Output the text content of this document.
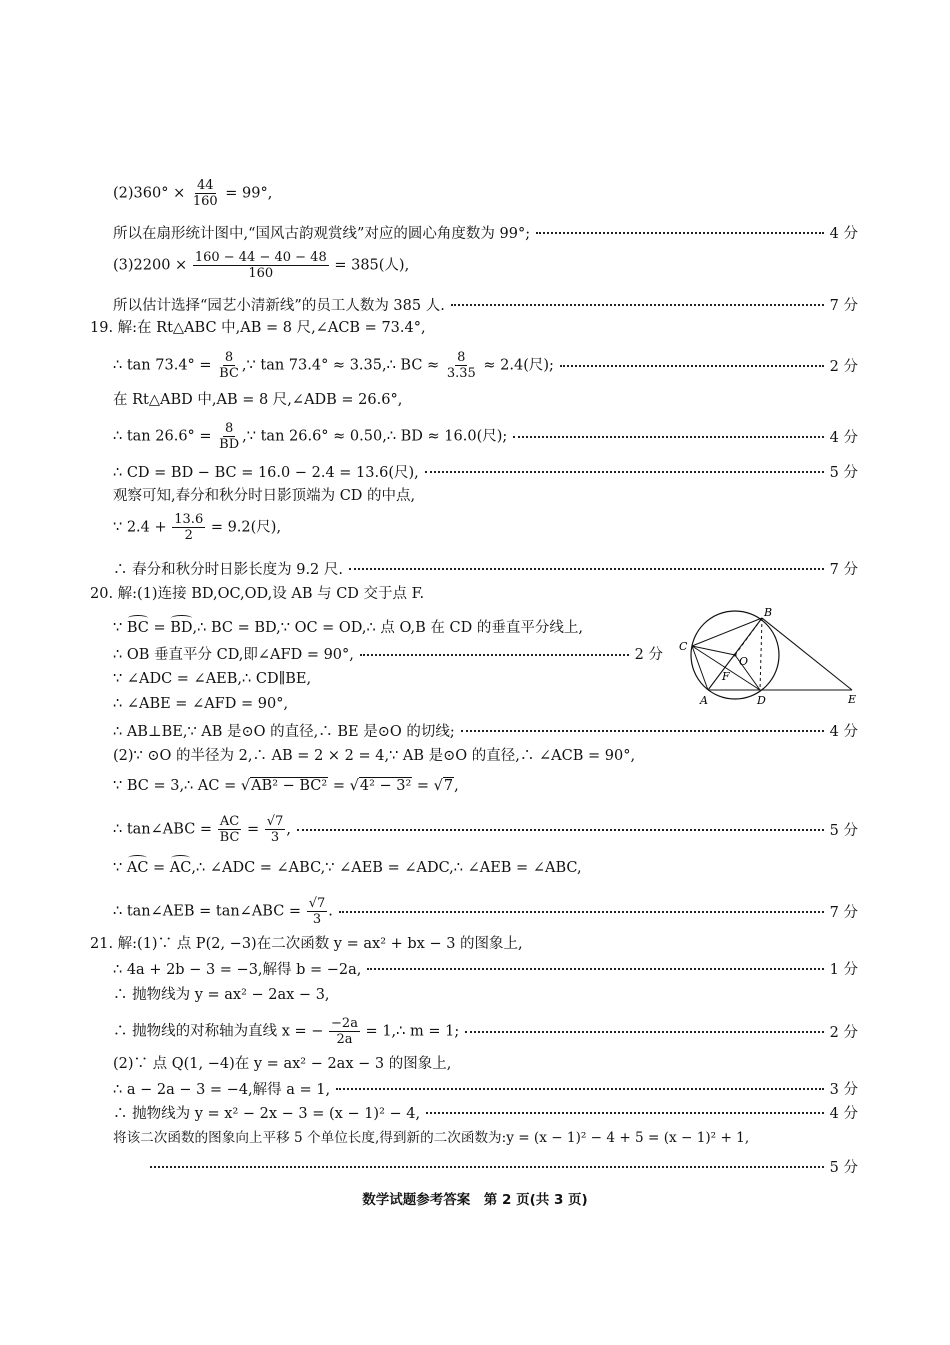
$(2)360^\circ \times \frac{44}{160} = 99^\circ$,
所以在扇形统计图中,“国风古韵观赏线”对应的圆心角度数为 99°;	4 分
$(3)2200 \times \frac{160 - 44 - 40 - 48}{160} = 385$(人),
所以估计选择“园艺小清新线”的员工人数为 385 人.	7 分
19. 解:在 Rt△ABC 中,AB = 8 尺,∠ACB = 73.4°,
∴ $\tan 73.4^\circ = \frac{8}{BC}$ ,∵ tan 73.4° ≈ 3.35,∴ BC ≈ $\frac{8}{3.35} \approx 2.4$(尺);	2 分
在 Rt△ABD 中,AB = 8 尺,∠ADB = 26.6°,
∴ $\tan 26.6^\circ = \frac{8}{BD}$ ,∵ tan 26.6° ≈ 0.50,∴ BD ≈ 16.0(尺);	4 分
∴ CD = BD − BC = 16.0 − 2.4 = 13.6(尺),	5 分
观察可知,春分和秋分时日影顶端为 CD 的中点,
∵ $2.4 + \frac{13.6}{2} = 9.2$(尺),
∴ 春分和秋分时日影长度为 9.2 尺.	7 分
20. 解:(1)连接 BD,OC,OD,设 AB 与 CD 交于点 F.
∵ BC = BD,∴ BC = BD,∵ OC = OD,∴ 点 O,B 在 CD 的垂直平分线上,
∴ OB 垂直平分 CD,即∠AFD = 90°,	2 分
∵ ∠ADC = ∠AEB,∴ CD∥BE,
∴ ∠ABE = ∠AFD = 90°,
∴ AB⊥BE,∵ AB 是⊙O 的直径,∴ BE 是⊙O 的切线;	4 分
(2)∵ ⊙O 的半径为 2,∴ AB = 2 × 2 = 4,∵ AB 是⊙O 的直径,∴ ∠ACB = 90°,
∵ BC = 3,∴ AC = √AB² − BC² = √4² − 3² = √7,
∴ tan∠ABC = $\frac{AC}{BC} = \frac{√7}{3}$ ,	5 分
∵ AC = AC,∴ ∠ADC = ∠ABC,∵ ∠AEB = ∠ADC,∴ ∠AEB = ∠ABC,
∴ tan∠AEB = tan∠ABC = $\frac{√7}{3}$ .	7 分
21. 解:(1)∵ 点 P(2, −3)在二次函数 y = ax² + bx − 3 的图象上,
∴ 4a + 2b − 3 = −3,解得 b = −2a,	1 分
∴ 抛物线为 y = ax² − 2ax − 3,
∴ 抛物线的对称轴为直线 x = − $\frac{-2a}{2a}$ = 1,∴ m = 1;	2 分
(2)∵ 点 Q(1, −4)在 y = ax² − 2ax − 3 的图象上,
∴ a − 2a − 3 = −4,解得 a = 1,	3 分
∴ 抛物线为 y = x² − 2x − 3 = (x − 1)² − 4,	4 分
将该二次函数的图象向上平移 5 个单位长度,得到新的二次函数为:y = (x − 1)² − 4 + 5 = (x − 1)² + 1,
5 分
B
C
O
F
A	D	E
数学试题参考答案　第 2 页(共 3 页)
